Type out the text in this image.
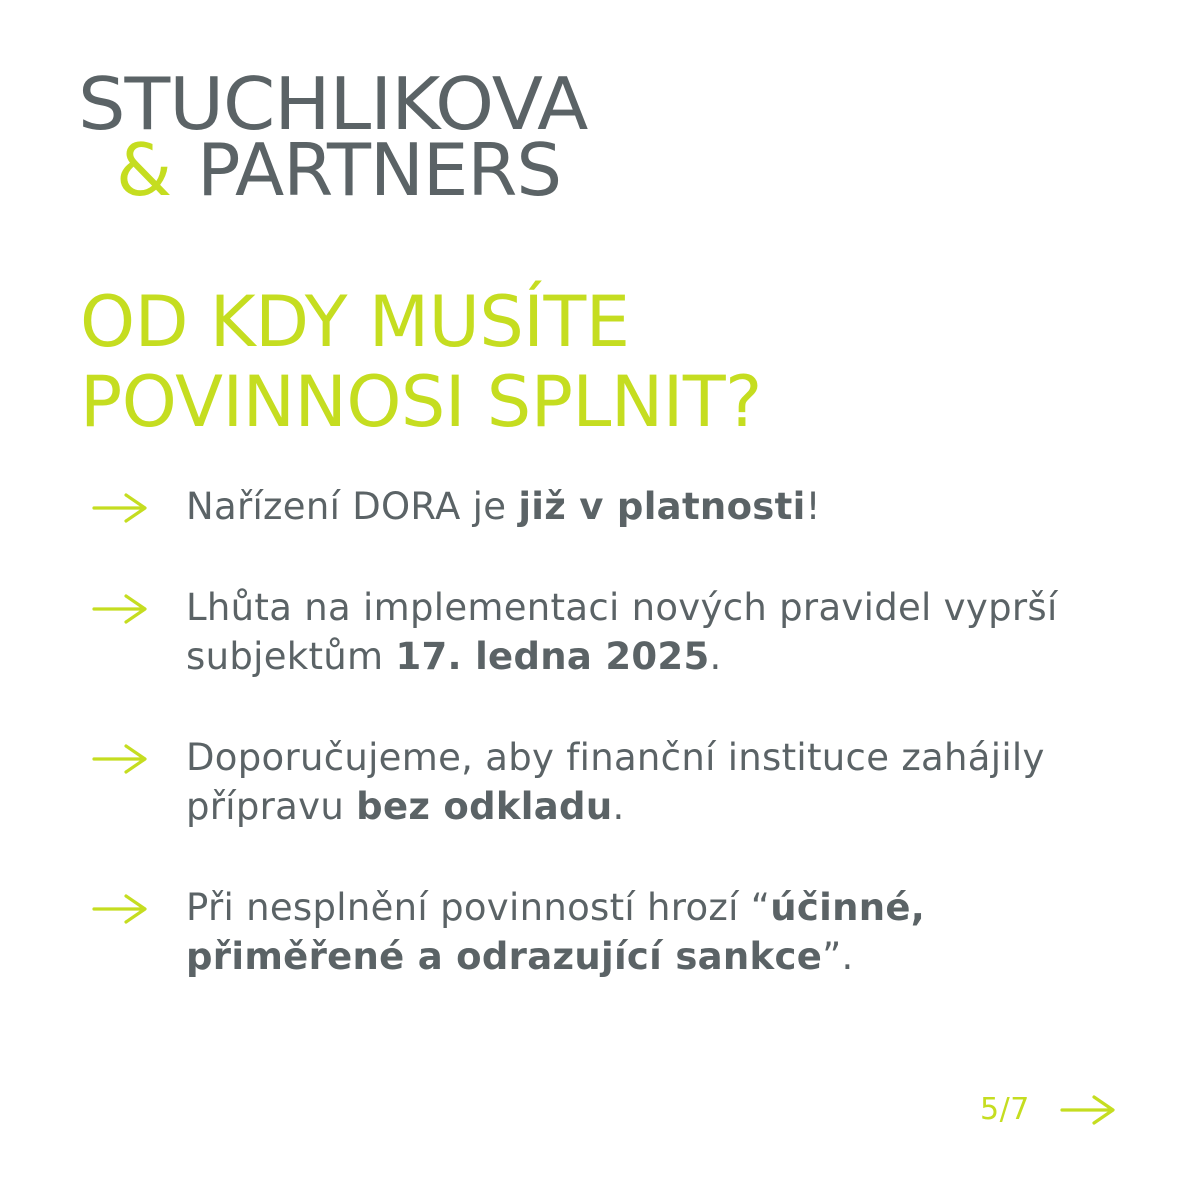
STUCHLIKOVA
& PARTNERS
OD KDY MUSÍTE
POVINNOSI SPLNIT?
Nařízení DORA je již v platnosti!
Lhůta na implementaci nových pravidel vyprší subjektům 17. ledna 2025.
Doporučujeme, aby finanční instituce zahájily přípravu bez odkladu.
Při nesplnění povinností hrozí “účinné, přiměřené a odrazující sankce”.
5/7
